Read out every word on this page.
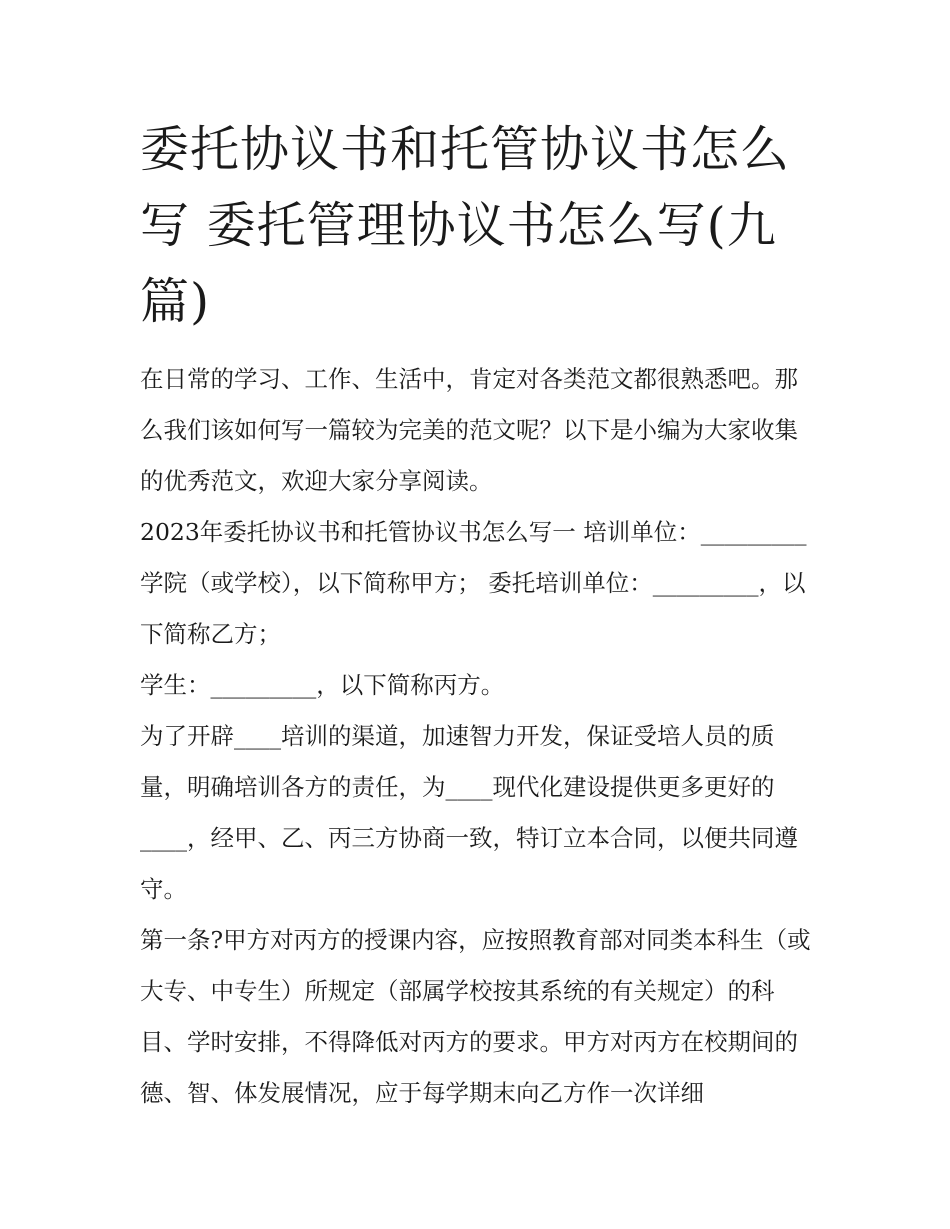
委托协议书和托管协议书怎么写 委托管理协议书怎么写(九篇)

在日常的学习、工作、生活中，肯定对各类范文都很熟悉吧。那么我们该如何写一篇较为完美的范文呢？以下是小编为大家收集的优秀范文，欢迎大家分享阅读。

2023年委托协议书和托管协议书怎么写一 培训单位：_________学院（或学校），以下简称甲方； 委托培训单位：_________，以下简称乙方；

学生：_________，以下简称丙方。

为了开辟____培训的渠道，加速智力开发，保证受培人员的质量，明确培训各方的责任，为____现代化建设提供更多更好的____，经甲、乙、丙三方协商一致，特订立本合同，以便共同遵守。

第一条?甲方对丙方的授课内容，应按照教育部对同类本科生（或大专、中专生）所规定（部属学校按其系统的有关规定）的科目、学时安排，不得降低对丙方的要求。甲方对丙方在校期间的德、智、体发展情况，应于每学期末向乙方作一次详细
